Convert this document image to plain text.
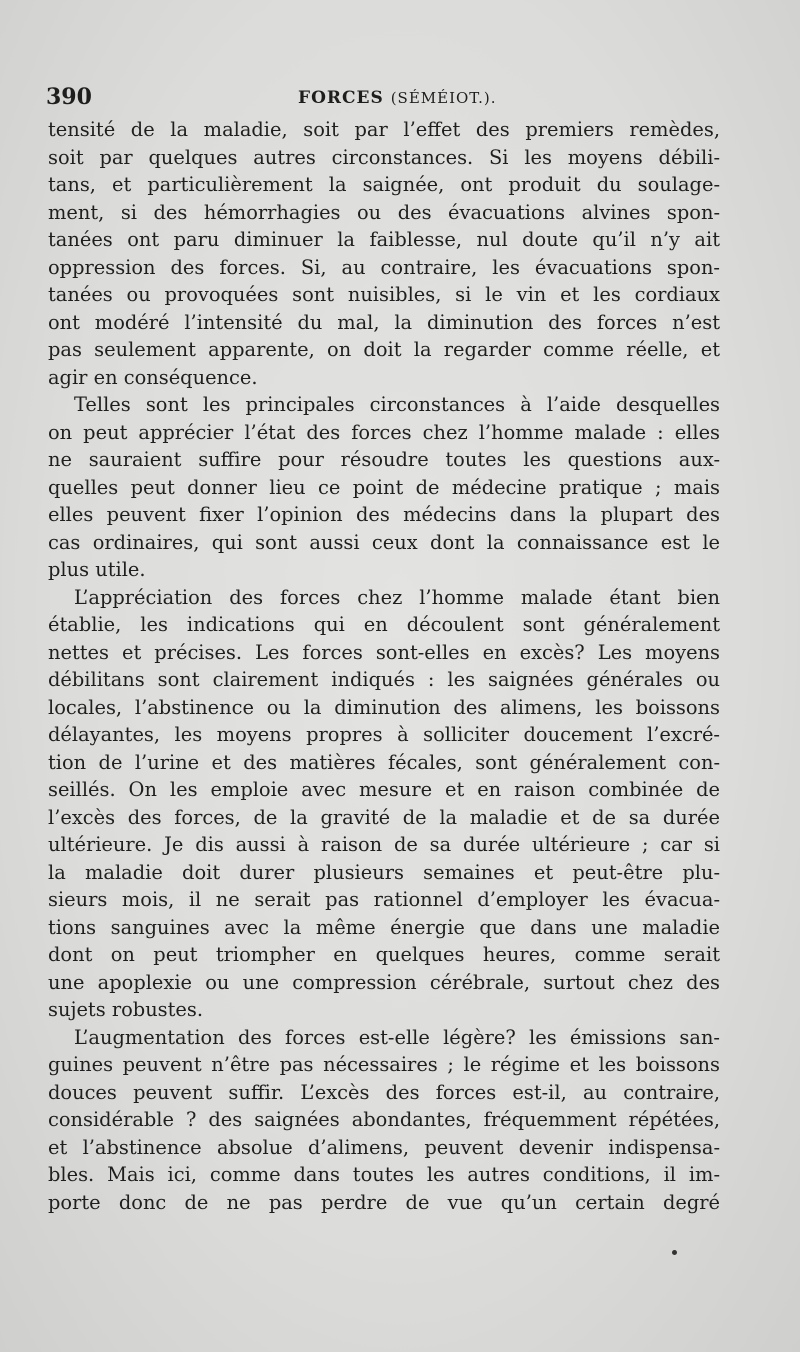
390	FORCES (SÉMÉIOT.).
tensité de la maladie, soit par l’effet des premiers remèdes,
soit par quelques autres circonstances. Si les moyens débili-
tans, et particulièrement la saignée, ont produit du soulage-
ment, si des hémorrhagies ou des évacuations alvines spon-
tanées ont paru diminuer la faiblesse, nul doute qu’il n’y ait
oppression des forces. Si, au contraire, les évacuations spon-
tanées ou provoquées sont nuisibles, si le vin et les cordiaux
ont modéré l’intensité du mal, la diminution des forces n’est
pas seulement apparente, on doit la regarder comme réelle, et
agir en conséquence.
Telles sont les principales circonstances à l’aide desquelles
on peut apprécier l’état des forces chez l’homme malade : elles
ne sauraient suffire pour résoudre toutes les questions aux-
quelles peut donner lieu ce point de médecine pratique ; mais
elles peuvent fixer l’opinion des médecins dans la plupart des
cas ordinaires, qui sont aussi ceux dont la connaissance est le
plus utile.
L’appréciation des forces chez l’homme malade étant bien
établie, les indications qui en découlent sont généralement
nettes et précises. Les forces sont-elles en excès? Les moyens
débilitans sont clairement indiqués : les saignées générales ou
locales, l’abstinence ou la diminution des alimens, les boissons
délayantes, les moyens propres à solliciter doucement l’excré-
tion de l’urine et des matières fécales, sont généralement con-
seillés. On les emploie avec mesure et en raison combinée de
l’excès des forces, de la gravité de la maladie et de sa durée
ultérieure. Je dis aussi à raison de sa durée ultérieure ; car si
la maladie doit durer plusieurs semaines et peut-être plu-
sieurs mois, il ne serait pas rationnel d’employer les évacua-
tions sanguines avec la même énergie que dans une maladie
dont on peut triompher en quelques heures, comme serait
une apoplexie ou une compression cérébrale, surtout chez des
sujets robustes.
L’augmentation des forces est-elle légère? les émissions san-
guines peuvent n’être pas nécessaires ; le régime et les boissons
douces peuvent suffir. L’excès des forces est-il, au contraire,
considérable ? des saignées abondantes, fréquemment répétées,
et l’abstinence absolue d’alimens, peuvent devenir indispensa-
bles. Mais ici, comme dans toutes les autres conditions, il im-
porte donc de ne pas perdre de vue qu’un certain degré
